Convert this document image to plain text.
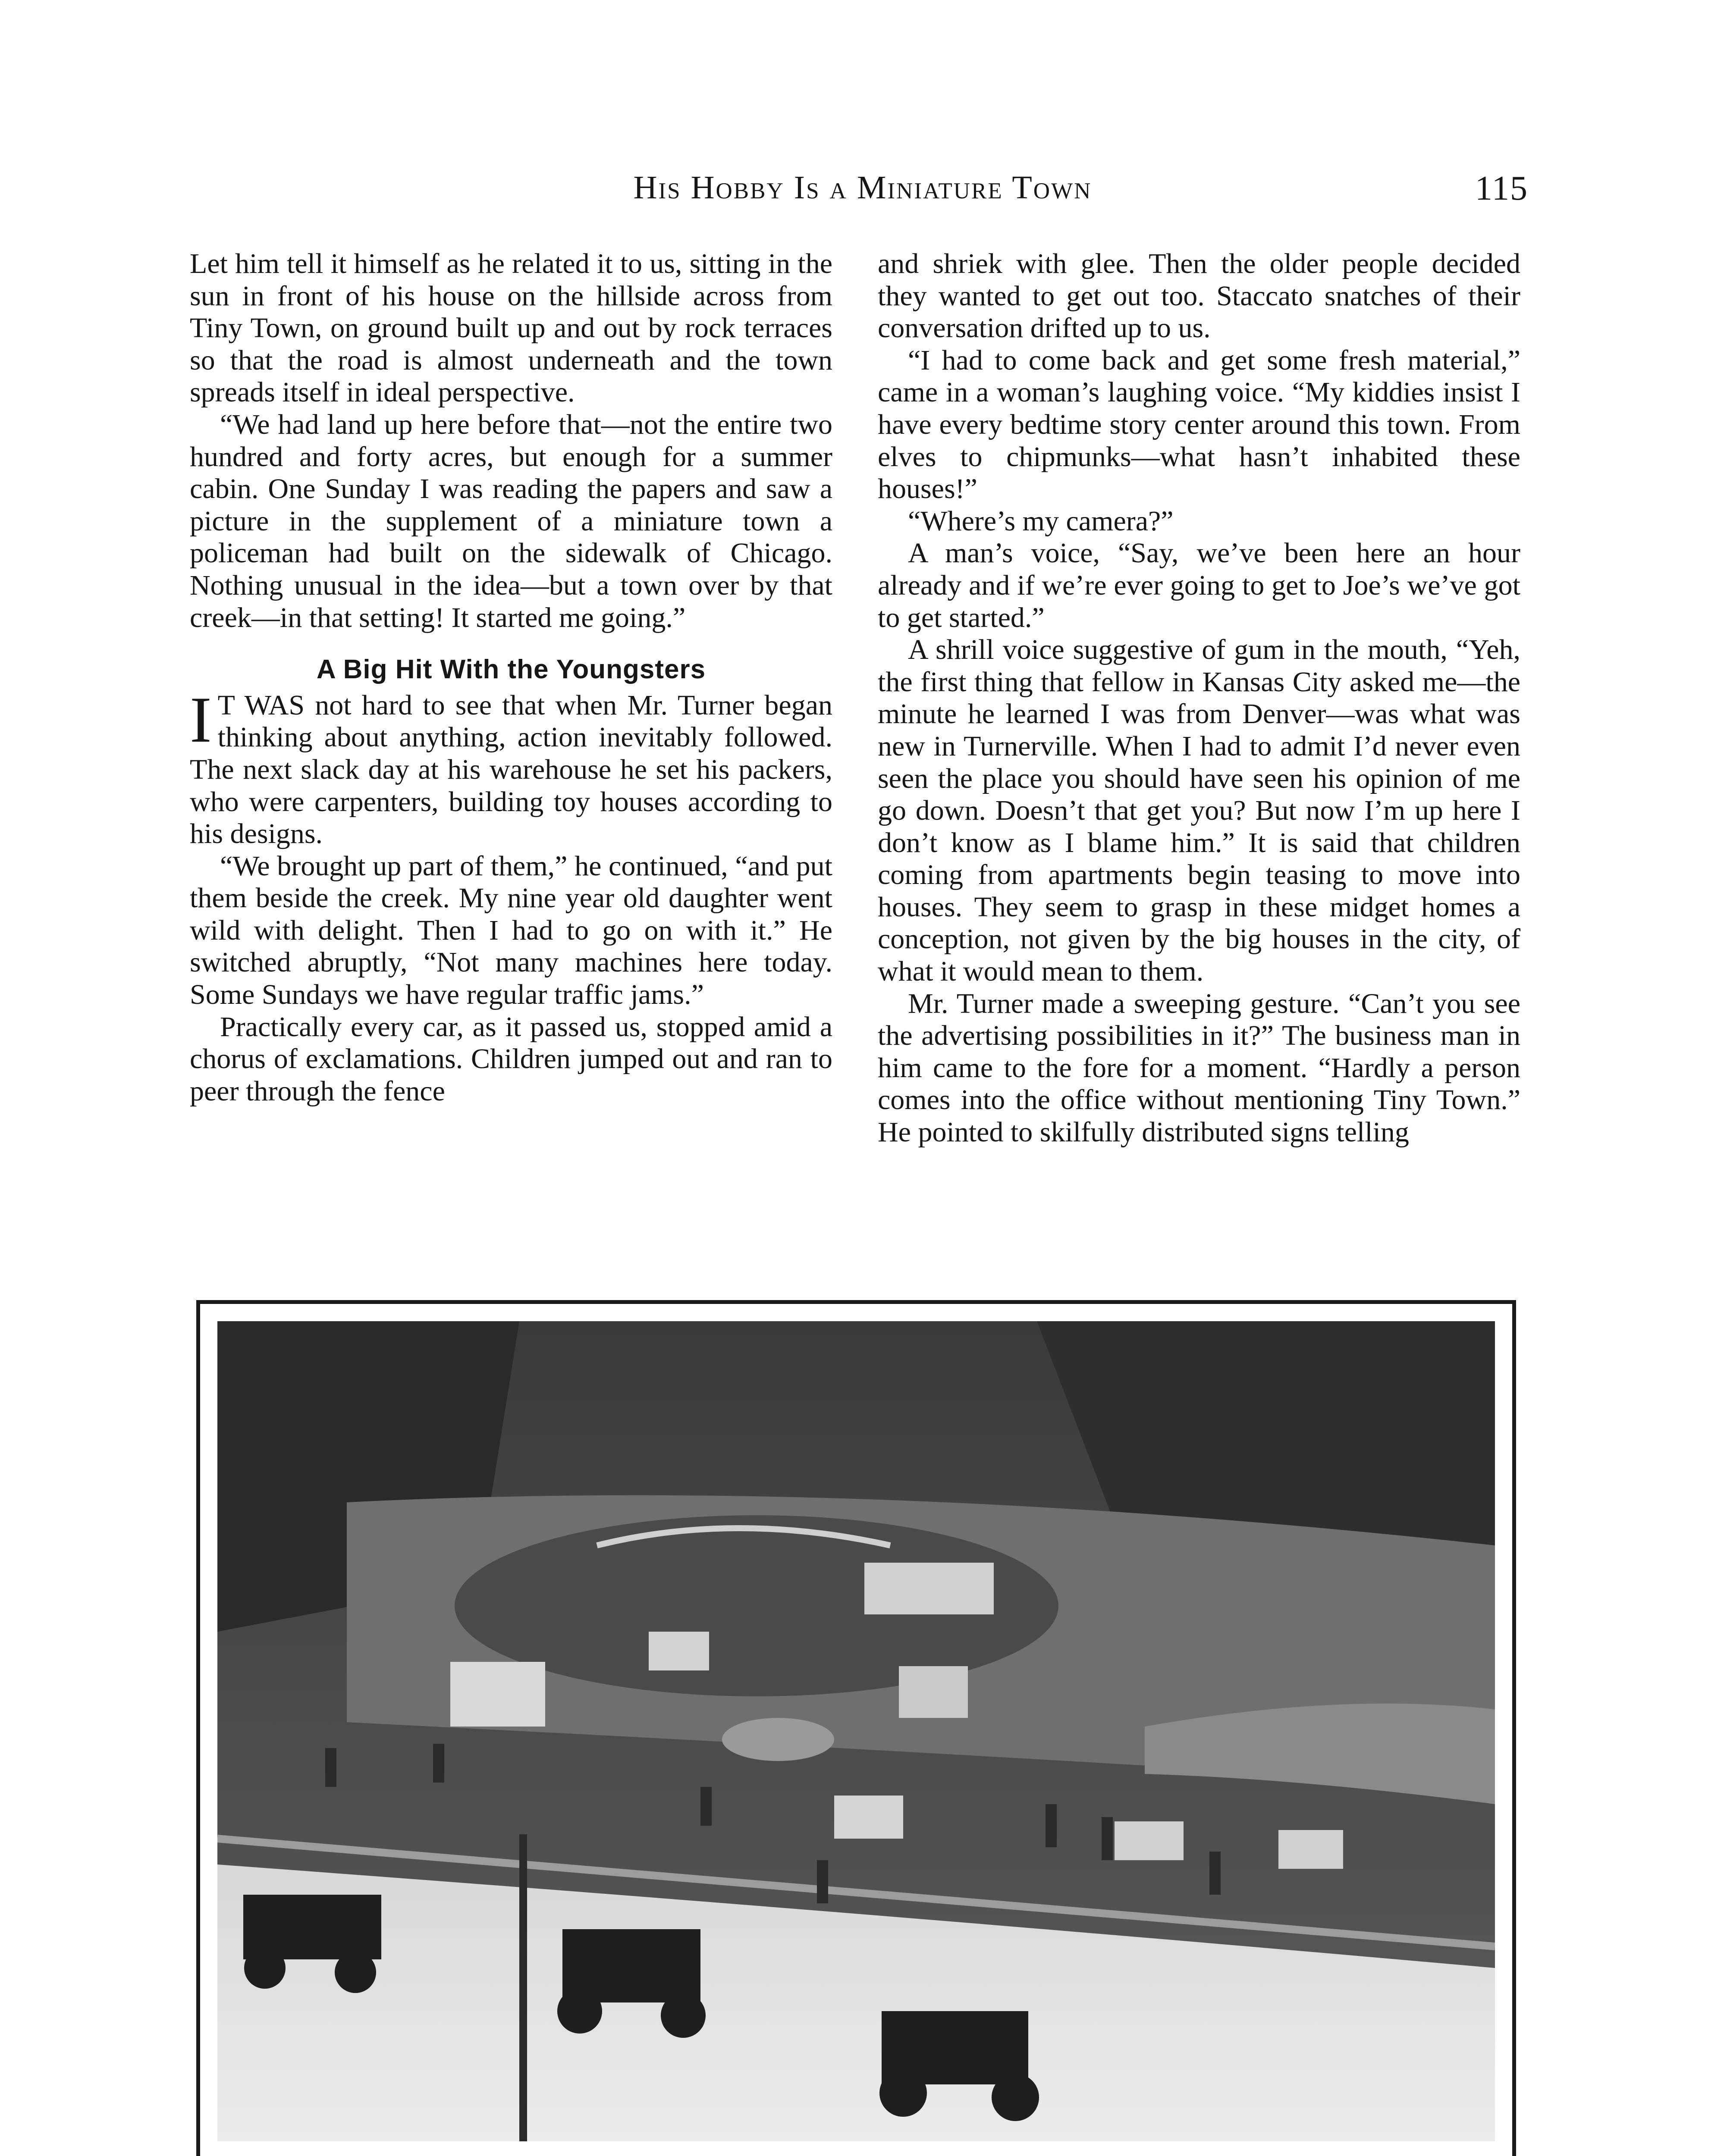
His Hobby Is a Miniature Town	115

Let him tell it himself as he related it to us, sitting in the sun in front of his house on the hillside across from Tiny Town, on ground built up and out by rock terraces so that the road is almost underneath and the town spreads itself in ideal perspective.

“We had land up here before that—not the entire two hundred and forty acres, but enough for a summer cabin. One Sunday I was reading the papers and saw a picture in the supplement of a miniature town a policeman had built on the sidewalk of Chicago. Nothing unusual in the idea—but a town over by that creek—in that setting! It started me going.”

A Big Hit With the Youngsters

I T WAS not hard to see that when Mr. Turner began thinking about anything, action inevitably followed. The next slack day at his warehouse he set his packers, who were carpenters, building toy houses according to his designs.

“We brought up part of them,” he continued, “and put them beside the creek. My nine year old daughter went wild with delight. Then I had to go on with it.” He switched abruptly, “Not many machines here today. Some Sundays we have regular traffic jams.”

Practically every car, as it passed us, stopped amid a chorus of exclamations. Children jumped out and ran to peer through the fence

and shriek with glee. Then the older people decided they wanted to get out too. Staccato snatches of their conversation drifted up to us.

“I had to come back and get some fresh material,” came in a woman’s laughing voice. “My kiddies insist I have every bedtime story center around this town. From elves to chipmunks—what hasn’t inhabited these houses!”

“Where’s my camera?”

A man’s voice, “Say, we’ve been here an hour already and if we’re ever going to get to Joe’s we’ve got to get started.”

A shrill voice suggestive of gum in the mouth, “Yeh, the first thing that fellow in Kansas City asked me—the minute he learned I was from Denver—was what was new in Turnerville. When I had to admit I’d never even seen the place you should have seen his opinion of me go down. Doesn’t that get you? But now I’m up here I don’t know as I blame him.” It is said that children coming from apartments begin teasing to move into houses. They seem to grasp in these midget homes a conception, not given by the big houses in the city, of what it would mean to them.

Mr. Turner made a sweeping gesture. “Can’t you see the advertising possibilities in it?” The business man in him came to the fore for a moment. “Hardly a person comes into the office without mentioning Tiny Town.” He pointed to skilfully distributed signs telling
